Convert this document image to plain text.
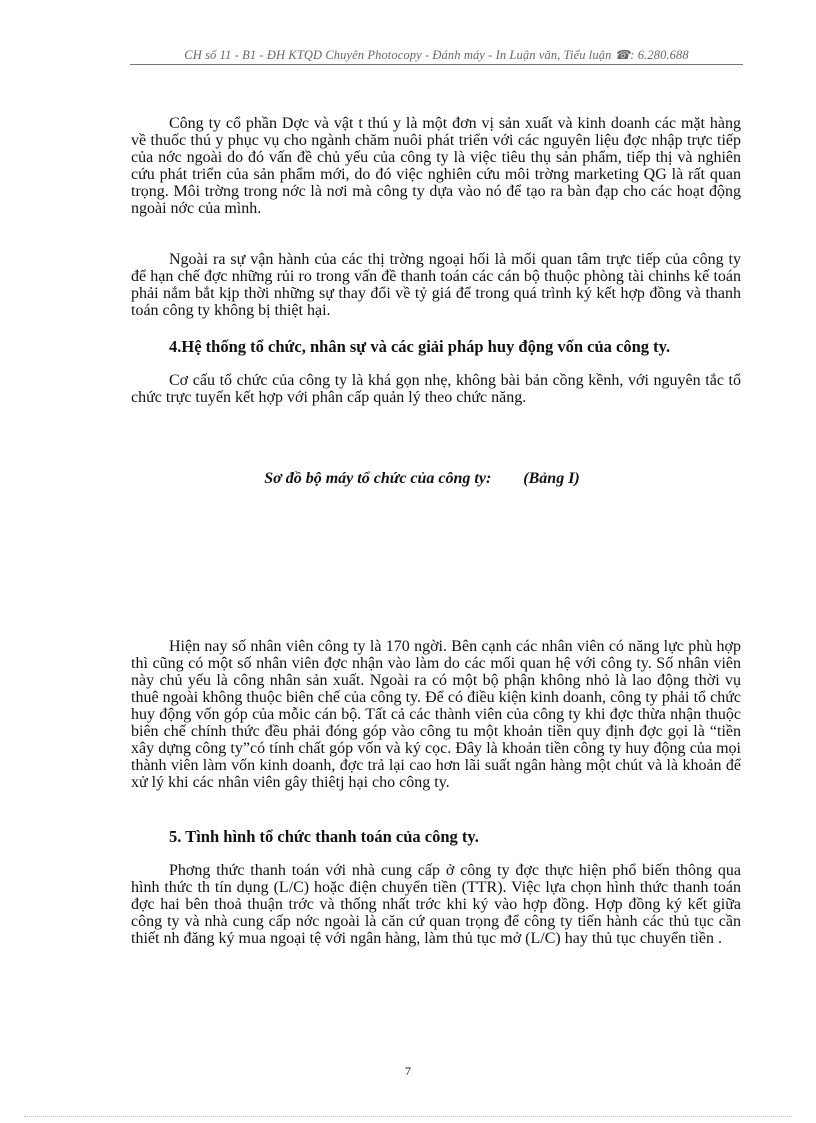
CH số 11 - B1 - ĐH KTQD Chuyên Photocopy - Đánh máy - In Luận văn, Tiểu luận ☎: 6.280.688

Công ty cổ phần Dợc và vật t thú y là một đơn vị sản xuất và kinh doanh các mặt hàng về thuốc thú y phục vụ cho ngành chăm nuôi phát triển với các nguyên liệu đợc nhập trực tiếp của nớc ngoài do đó vấn đề chủ yếu của công ty là việc tiêu thụ sản phẩm, tiếp thị và nghiên cứu phát triển của sản phẩm mới, do đó việc nghiên cứu môi trờng marketing QG là rất quan trọng. Môi trờng trong nớc là nơi mà công ty dựa vào nó để tạo ra bàn đạp cho các hoạt động ngoài nớc của mình.

Ngoài ra sự vận hành của các thị trờng ngoại hối là mối quan tâm trực tiếp của công ty để hạn chế đợc những rủi ro trong vấn đề thanh toán các cán bộ thuộc phòng tài chinhs kế toán phải nắm bắt kịp thời những sự thay đổi về tỷ giá để trong quá trình ký kết hợp đồng và thanh toán công ty không bị thiệt hại.

4.Hệ thống tổ chức, nhân sự và các giải pháp huy động vốn của công ty.

Cơ cấu tổ chức của công ty là khá gọn nhẹ, không bài bản cồng kềnh, với nguyên tắc tổ chức trực tuyến kết hợp với phân cấp quản lý theo chức năng.

Sơ đồ bộ máy tổ chức của công ty: (Bảng I)

Hiện nay số nhân viên công ty là 170 ngời. Bên cạnh các nhân viên có năng lực phù hợp thì cũng có một số nhân viên đợc nhận vào làm do các mối quan hệ với công ty. Số nhân viên này chủ yếu là công nhân sản xuất. Ngoài ra có một bộ phận không nhỏ là lao động thời vụ thuê ngoài không thuộc biên chế của công ty. Để có điều kiện kinh doanh, công ty phải tổ chức huy động vốn góp của mỗic cán bộ. Tất cả các thành viên của công ty khi đợc thừa nhận thuộc biên chế chính thức đều phải đóng góp vào công tu một khoản tiền quy định đợc gọi là “tiền xây dựng công ty”có tính chất góp vốn và ký cọc. Đây là khoản tiền công ty huy động của mọi thành viên làm vốn kinh doanh, đợc trả lại cao hơn lãi suất ngân hàng một chút và là khoản để xử lý khi các nhân viên gây thiêtj hại cho công ty.

5. Tình hình tổ chức thanh toán của công ty.

Phơng thức thanh toán với nhà cung cấp ở công ty đợc thực hiện phổ biến thông qua hình thức th tín dụng (L/C) hoặc điện chuyển tiền (TTR). Việc lựa chọn hình thức thanh toán đợc hai bên thoả thuận trớc và thống nhất trớc khi ký vào hợp đồng. Hợp đồng ký kết giữa công ty và nhà cung cấp nớc ngoài là căn cứ quan trọng để công ty tiến hành các thủ tục cần thiết nh đăng ký mua ngoại tệ với ngân hàng, làm thủ tục mở (L/C) hay thủ tục chuyển tiền .

7
